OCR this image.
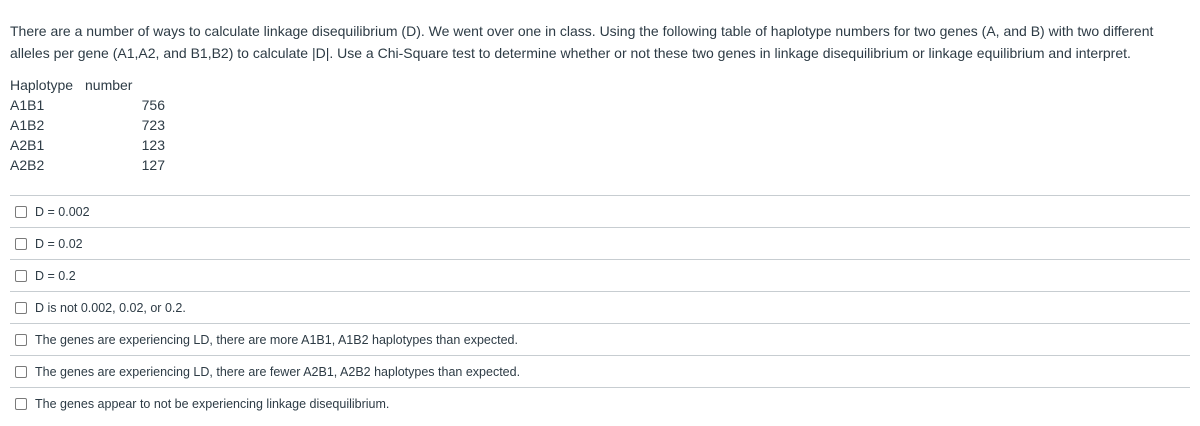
There are a number of ways to calculate linkage disequilibrium (D). We went over one in class. Using the following table of haplotype numbers for two genes (A, and B) with two different alleles per gene (A1,A2, and B1,B2) to calculate |D|. Use a Chi-Square test to determine whether or not these two genes in linkage disequilibrium or linkage equilibrium and interpret.
Haplotype number
A1B1	756
A1B2	723
A2B1	123
A2B2	127
D = 0.002
D = 0.02
D = 0.2
D is not 0.002, 0.02, or 0.2.
The genes are experiencing LD, there are more A1B1, A1B2 haplotypes than expected.
The genes are experiencing LD, there are fewer A2B1, A2B2 haplotypes than expected.
The genes appear to not be experiencing linkage disequilibrium.
